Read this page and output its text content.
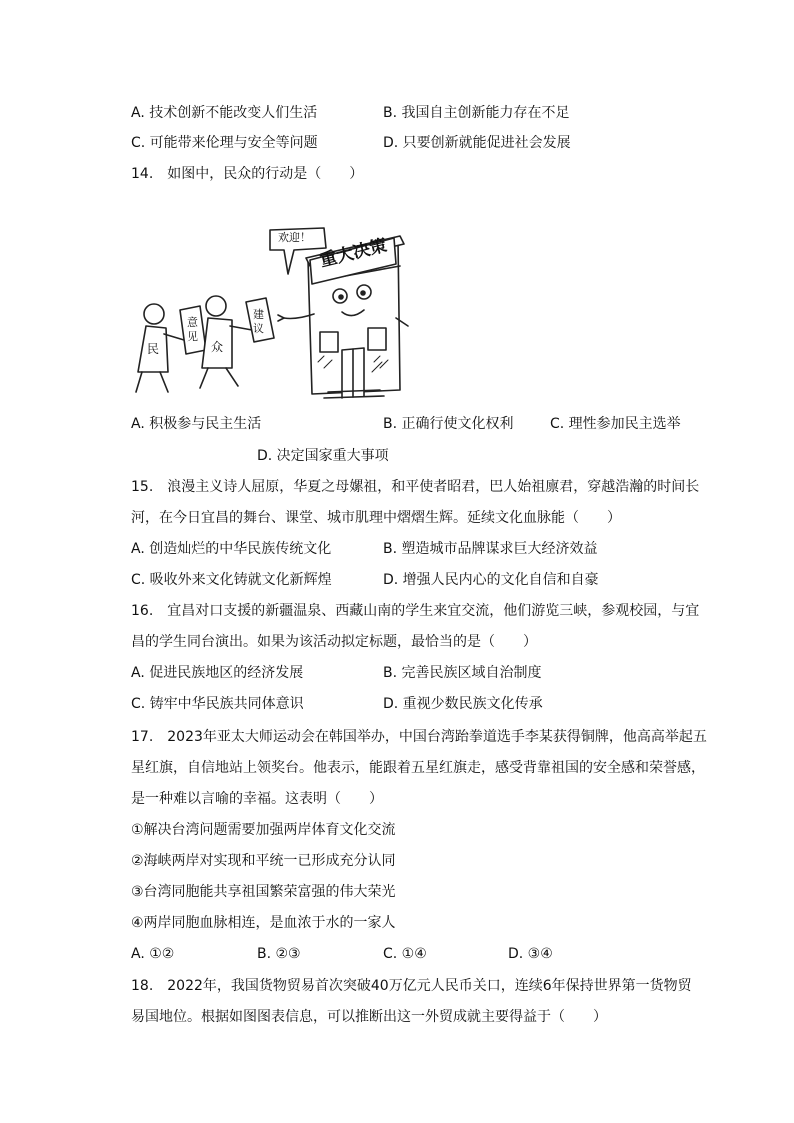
A. 技术创新不能改变人们生活	B. 我国自主创新能力存在不足
C. 可能带来伦理与安全等问题	D. 只要创新就能促进社会发展
14.　如图中，民众的行动是（　　）
欢迎！ 重大决策
意见
建议
民	众
A. 积极参与民主生活	B. 正确行使文化权利	C. 理性参加民主选举
D. 决定国家重大事项
15.　浪漫主义诗人屈原，华夏之母嫘祖，和平使者昭君，巴人始祖廪君，穿越浩瀚的时间长
河，在今日宜昌的舞台、课堂、城市肌理中熠熠生辉。延续文化血脉能（　　）
A. 创造灿烂的中华民族传统文化	B. 塑造城市品牌谋求巨大经济效益
C. 吸收外来文化铸就文化新辉煌	D. 增强人民内心的文化自信和自豪
16.　宜昌对口支援的新疆温泉、西藏山南的学生来宜交流，他们游览三峡，参观校园，与宜
昌的学生同台演出。如果为该活动拟定标题，最恰当的是（　　）
A. 促进民族地区的经济发展	B. 完善民族区域自治制度
C. 铸牢中华民族共同体意识	D. 重视少数民族文化传承
17.　2023年亚太大师运动会在韩国举办，中国台湾跆拳道选手李某获得铜牌，他高高举起五
星红旗，自信地站上领奖台。他表示，能跟着五星红旗走，感受背靠祖国的安全感和荣誉感，
是一种难以言喻的幸福。这表明（　　）
①解决台湾问题需要加强两岸体育文化交流
②海峡两岸对实现和平统一已形成充分认同
③台湾同胞能共享祖国繁荣富强的伟大荣光
④两岸同胞血脉相连，是血浓于水的一家人
A. ①②	B. ②③	C. ①④	D. ③④
18.　2022年，我国货物贸易首次突破40万亿元人民币关口，连续6年保持世界第一货物贸
易国地位。根据如图图表信息，可以推断出这一外贸成就主要得益于（　　）
